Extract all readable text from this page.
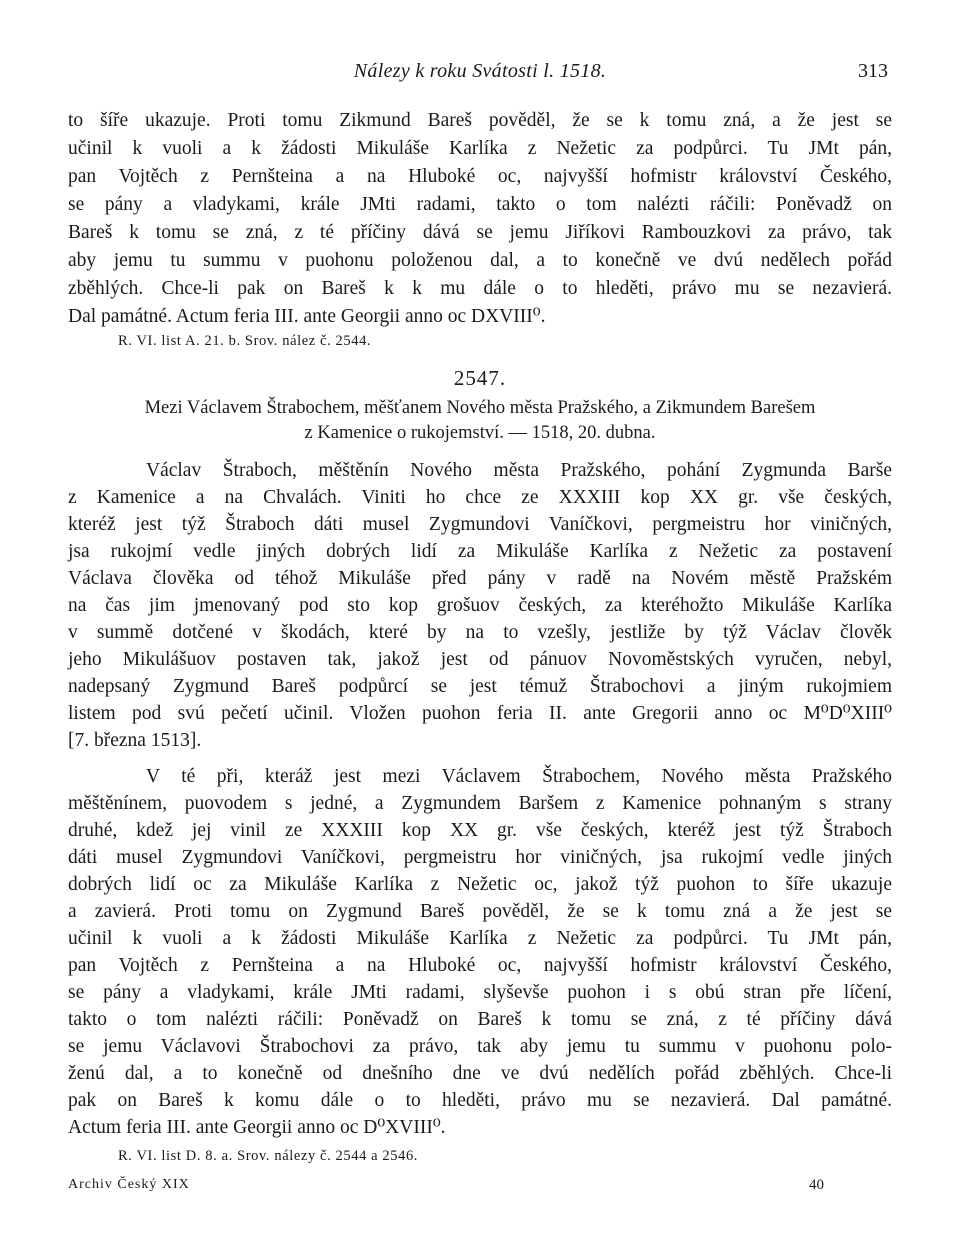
Nálezy k roku Svátosti l. 1518.	313
to šíře ukazuje. Proti tomu Zikmund Bareš pověděl, že se k tomu zná, a že jest se
učinil k vuoli a k žádosti Mikuláše Karlíka z Nežetic za podpůrci. Tu JMt pán,
pan Vojtěch z Pernšteina a na Hluboké oc, najvyšší hofmistr království Českého,
se pány a vladykami, krále JMti radami, takto o tom nalézti ráčili: Poněvadž on
Bareš k tomu se zná, z té příčiny dává se jemu Jiříkovi Rambouzkovi za právo, tak
aby jemu tu summu v puohonu položenou dal, a to konečně ve dvú nedělech pořád
zběhlých. Chce-li pak on Bareš k k mu dále o to hleděti, právo mu se nezavierá.
Dal památné. Actum feria III. ante Georgii anno oc DXVIII⁰.
R. VI. list A. 21. b. Srov. nález č. 2544.
2547.
Mezi Václavem Štrabochem, měšťanem Nového města Pražského, a Zikmundem Barešem
z Kamenice o rukojemství. — 1518, 20. dubna.
Václav Štraboch, měštěnín Nového města Pražského, pohání Zygmunda Barše
z Kamenice a na Chvalách. Viniti ho chce ze XXXIII kop XX gr. vše českých,
kteréž jest týž Štraboch dáti musel Zygmundovi Vaníčkovi, pergmeistru hor viničných,
jsa rukojmí vedle jiných dobrých lidí za Mikuláše Karlíka z Nežetic za postavení
Václava člověka od téhož Mikuláše před pány v radě na Novém městě Pražském
na čas jim jmenovaný pod sto kop grošuov českých, za kteréhožto Mikuláše Karlíka
v summě dotčené v škodách, které by na to vzešly, jestliže by týž Václav člověk
jeho Mikulášuov postaven tak, jakož jest od pánuov Novoměstských vyručen, nebyl,
nadepsaný Zygmund Bareš podpůrcí se jest témuž Štrabochovi a jiným rukojmiem
listem pod svú pečetí učinil. Vložen puohon feria II. ante Gregorii anno oc M⁰D⁰XIII⁰
[7. března 1513].
V té při, kteráž jest mezi Václavem Štrabochem, Nového města Pražského
měštěnínem, puovodem s jedné, a Zygmundem Baršem z Kamenice pohnaným s strany
druhé, kdež jej vinil ze XXXIII kop XX gr. vše českých, kteréž jest týž Štraboch
dáti musel Zygmundovi Vaníčkovi, pergmeistru hor viničných, jsa rukojmí vedle jiných
dobrých lidí oc za Mikuláše Karlíka z Nežetic oc, jakož týž puohon to šíře ukazuje
a zavierá. Proti tomu on Zygmund Bareš pověděl, že se k tomu zná a že jest se
učinil k vuoli a k žádosti Mikuláše Karlíka z Nežetic za podpůrci. Tu JMt pán,
pan Vojtěch z Pernšteina a na Hluboké oc, najvyšší hofmistr království Českého,
se pány a vladykami, krále JMti radami, slyševše puohon i s obú stran pře líčení,
takto o tom nalézti ráčili: Poněvadž on Bareš k tomu se zná, z té příčiny dává
se jemu Václavovi Štrabochovi za právo, tak aby jemu tu summu v puohonu polo-
ženú dal, a to konečně od dnešního dne ve dvú nedělích pořád zběhlých. Chce-li
pak on Bareš k komu dále o to hleděti, právo mu se nezavierá. Dal památné.
Actum feria III. ante Georgii anno oc D⁰XVIII⁰.
R. VI. list D. 8. a. Srov. nálezy č. 2544 a 2546.
Archiv Český XIX	40
